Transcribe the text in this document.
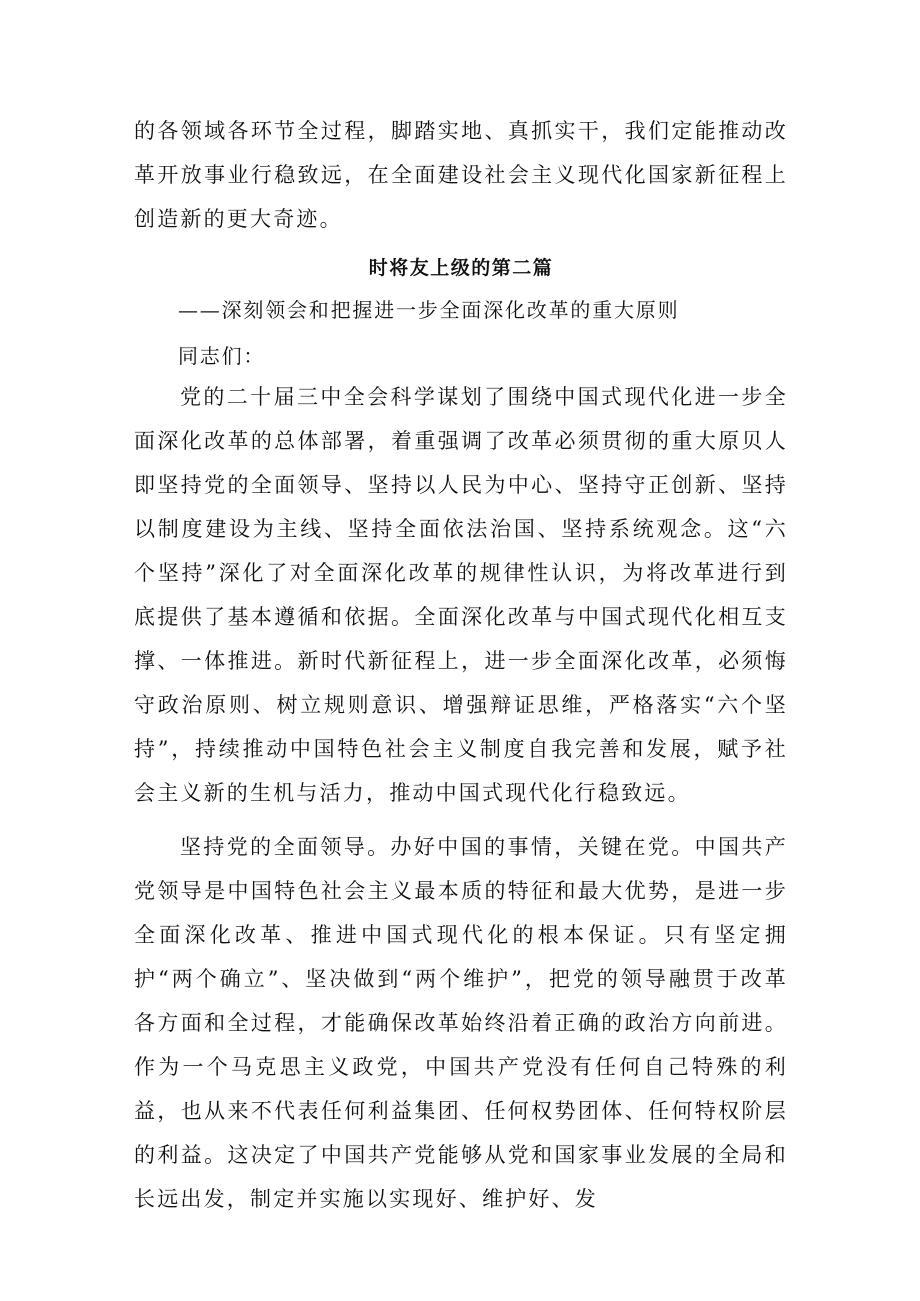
的各领域各环节全过程，脚踏实地、真抓实干，我们定能推动改革开放事业行稳致远，在全面建设社会主义现代化国家新征程上创造新的更大奇迹。

时将友上级的第二篇

——深刻领会和把握进一步全面深化改革的重大原则

同志们：

党的二十届三中全会科学谋划了围绕中国式现代化进一步全面深化改革的总体部署，着重强调了改革必须贯彻的重大原贝人即坚持党的全面领导、坚持以人民为中心、坚持守正创新、坚持以制度建设为主线、坚持全面依法治国、坚持系统观念。这“六个坚持”深化了对全面深化改革的规律性认识，为将改革进行到底提供了基本遵循和依据。全面深化改革与中国式现代化相互支撑、一体推进。新时代新征程上，进一步全面深化改革，必须悔守政治原则、树立规则意识、增强辩证思维，严格落实“六个坚持”，持续推动中国特色社会主义制度自我完善和发展，赋予社会主义新的生机与活力，推动中国式现代化行稳致远。

坚持党的全面领导。办好中国的事情，关键在党。中国共产党领导是中国特色社会主义最本质的特征和最大优势，是进一步全面深化改革、推进中国式现代化的根本保证。只有坚定拥护“两个确立”、坚决做到“两个维护”，把党的领导融贯于改革各方面和全过程，才能确保改革始终沿着正确的政治方向前进。作为一个马克思主义政党，中国共产党没有任何自己特殊的利益，也从来不代表任何利益集团、任何权势团体、任何特权阶层的利益。这决定了中国共产党能够从党和国家事业发展的全局和长远出发，制定并实施以实现好、维护好、发
